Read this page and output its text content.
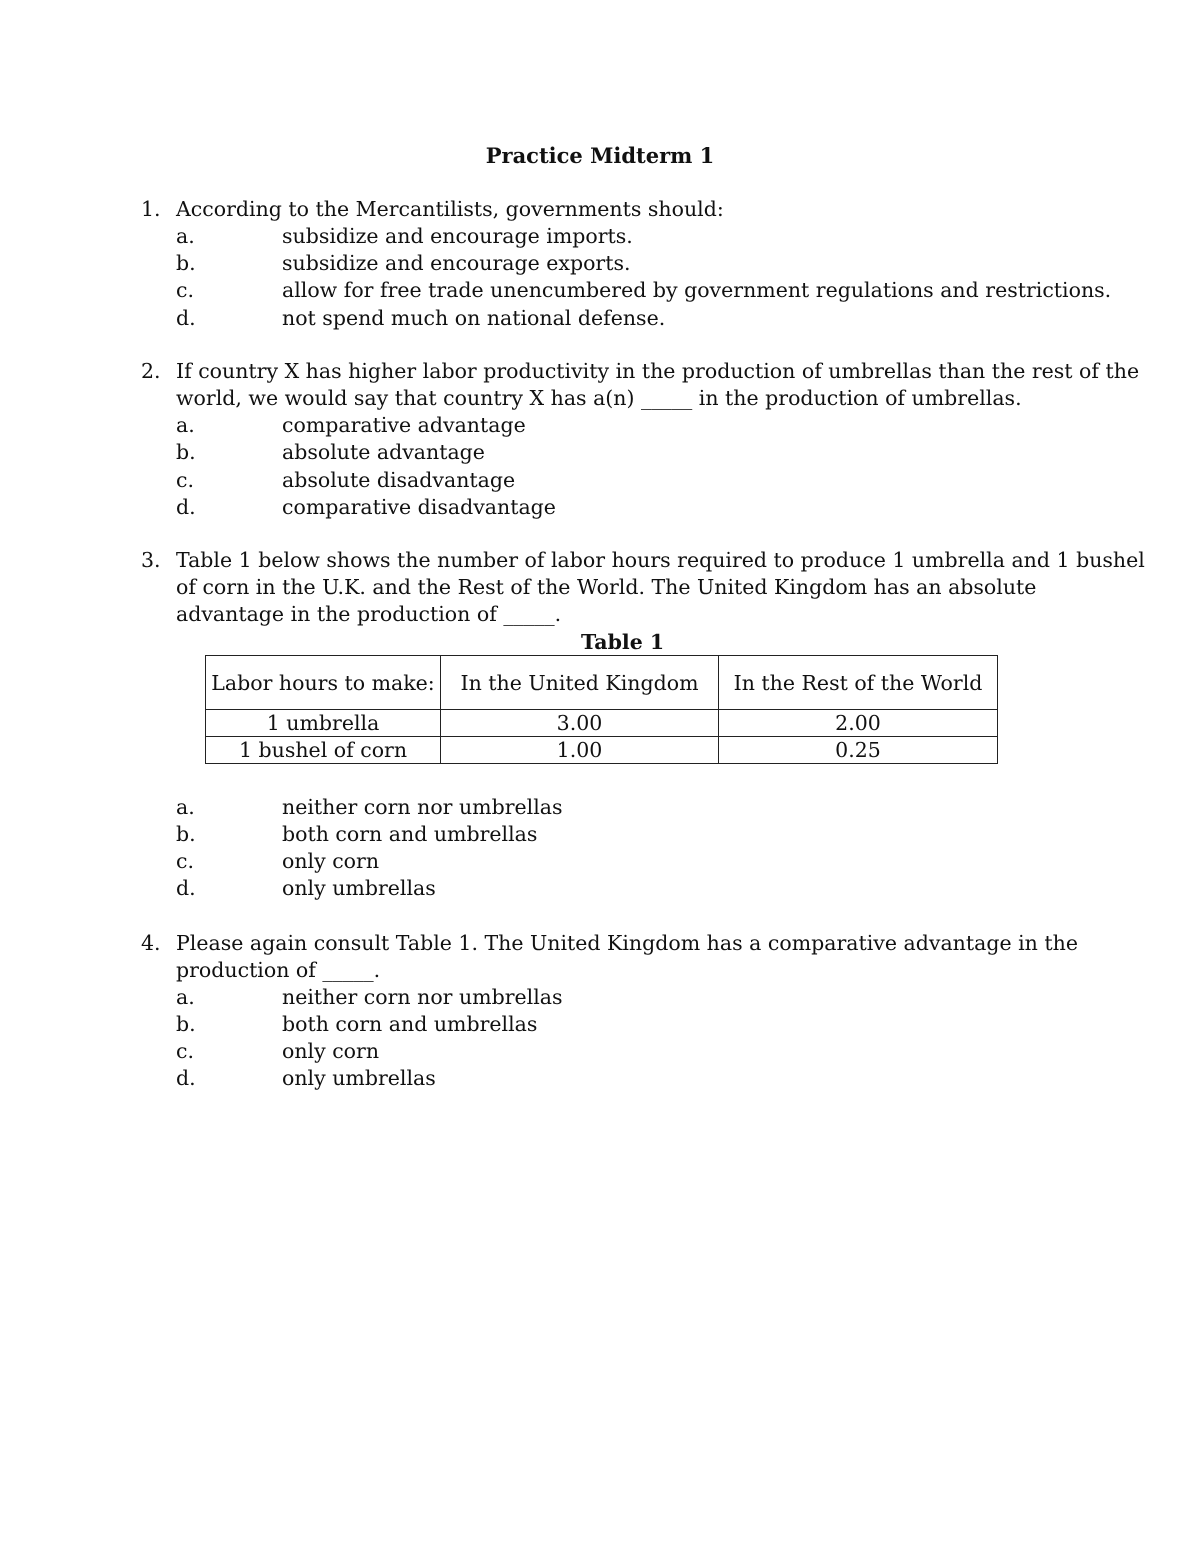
Practice Midterm 1
1. According to the Mercantilists, governments should:
a.	subsidize and encourage imports.
b.	subsidize and encourage exports.
c.	allow for free trade unencumbered by government regulations and restrictions.
d.	not spend much on national defense.
2. If country X has higher labor productivity in the production of umbrellas than the rest of the
world, we would say that country X has a(n) _____ in the production of umbrellas.
a.	comparative advantage
b.	absolute advantage
c.	absolute disadvantage
d.	comparative disadvantage
3. Table 1 below shows the number of labor hours required to produce 1 umbrella and 1 bushel
of corn in the U.K. and the Rest of the World. The United Kingdom has an absolute
advantage in the production of _____.
Table 1
Labor hours to make:	In the United Kingdom	In the Rest of the World
1 umbrella	3.00	2.00
1 bushel of corn	1.00	0.25
a.	neither corn nor umbrellas
b.	both corn and umbrellas
c.	only corn
d.	only umbrellas
4. Please again consult Table 1. The United Kingdom has a comparative advantage in the
production of _____.
a.	neither corn nor umbrellas
b.	both corn and umbrellas
c.	only corn
d.	only umbrellas
